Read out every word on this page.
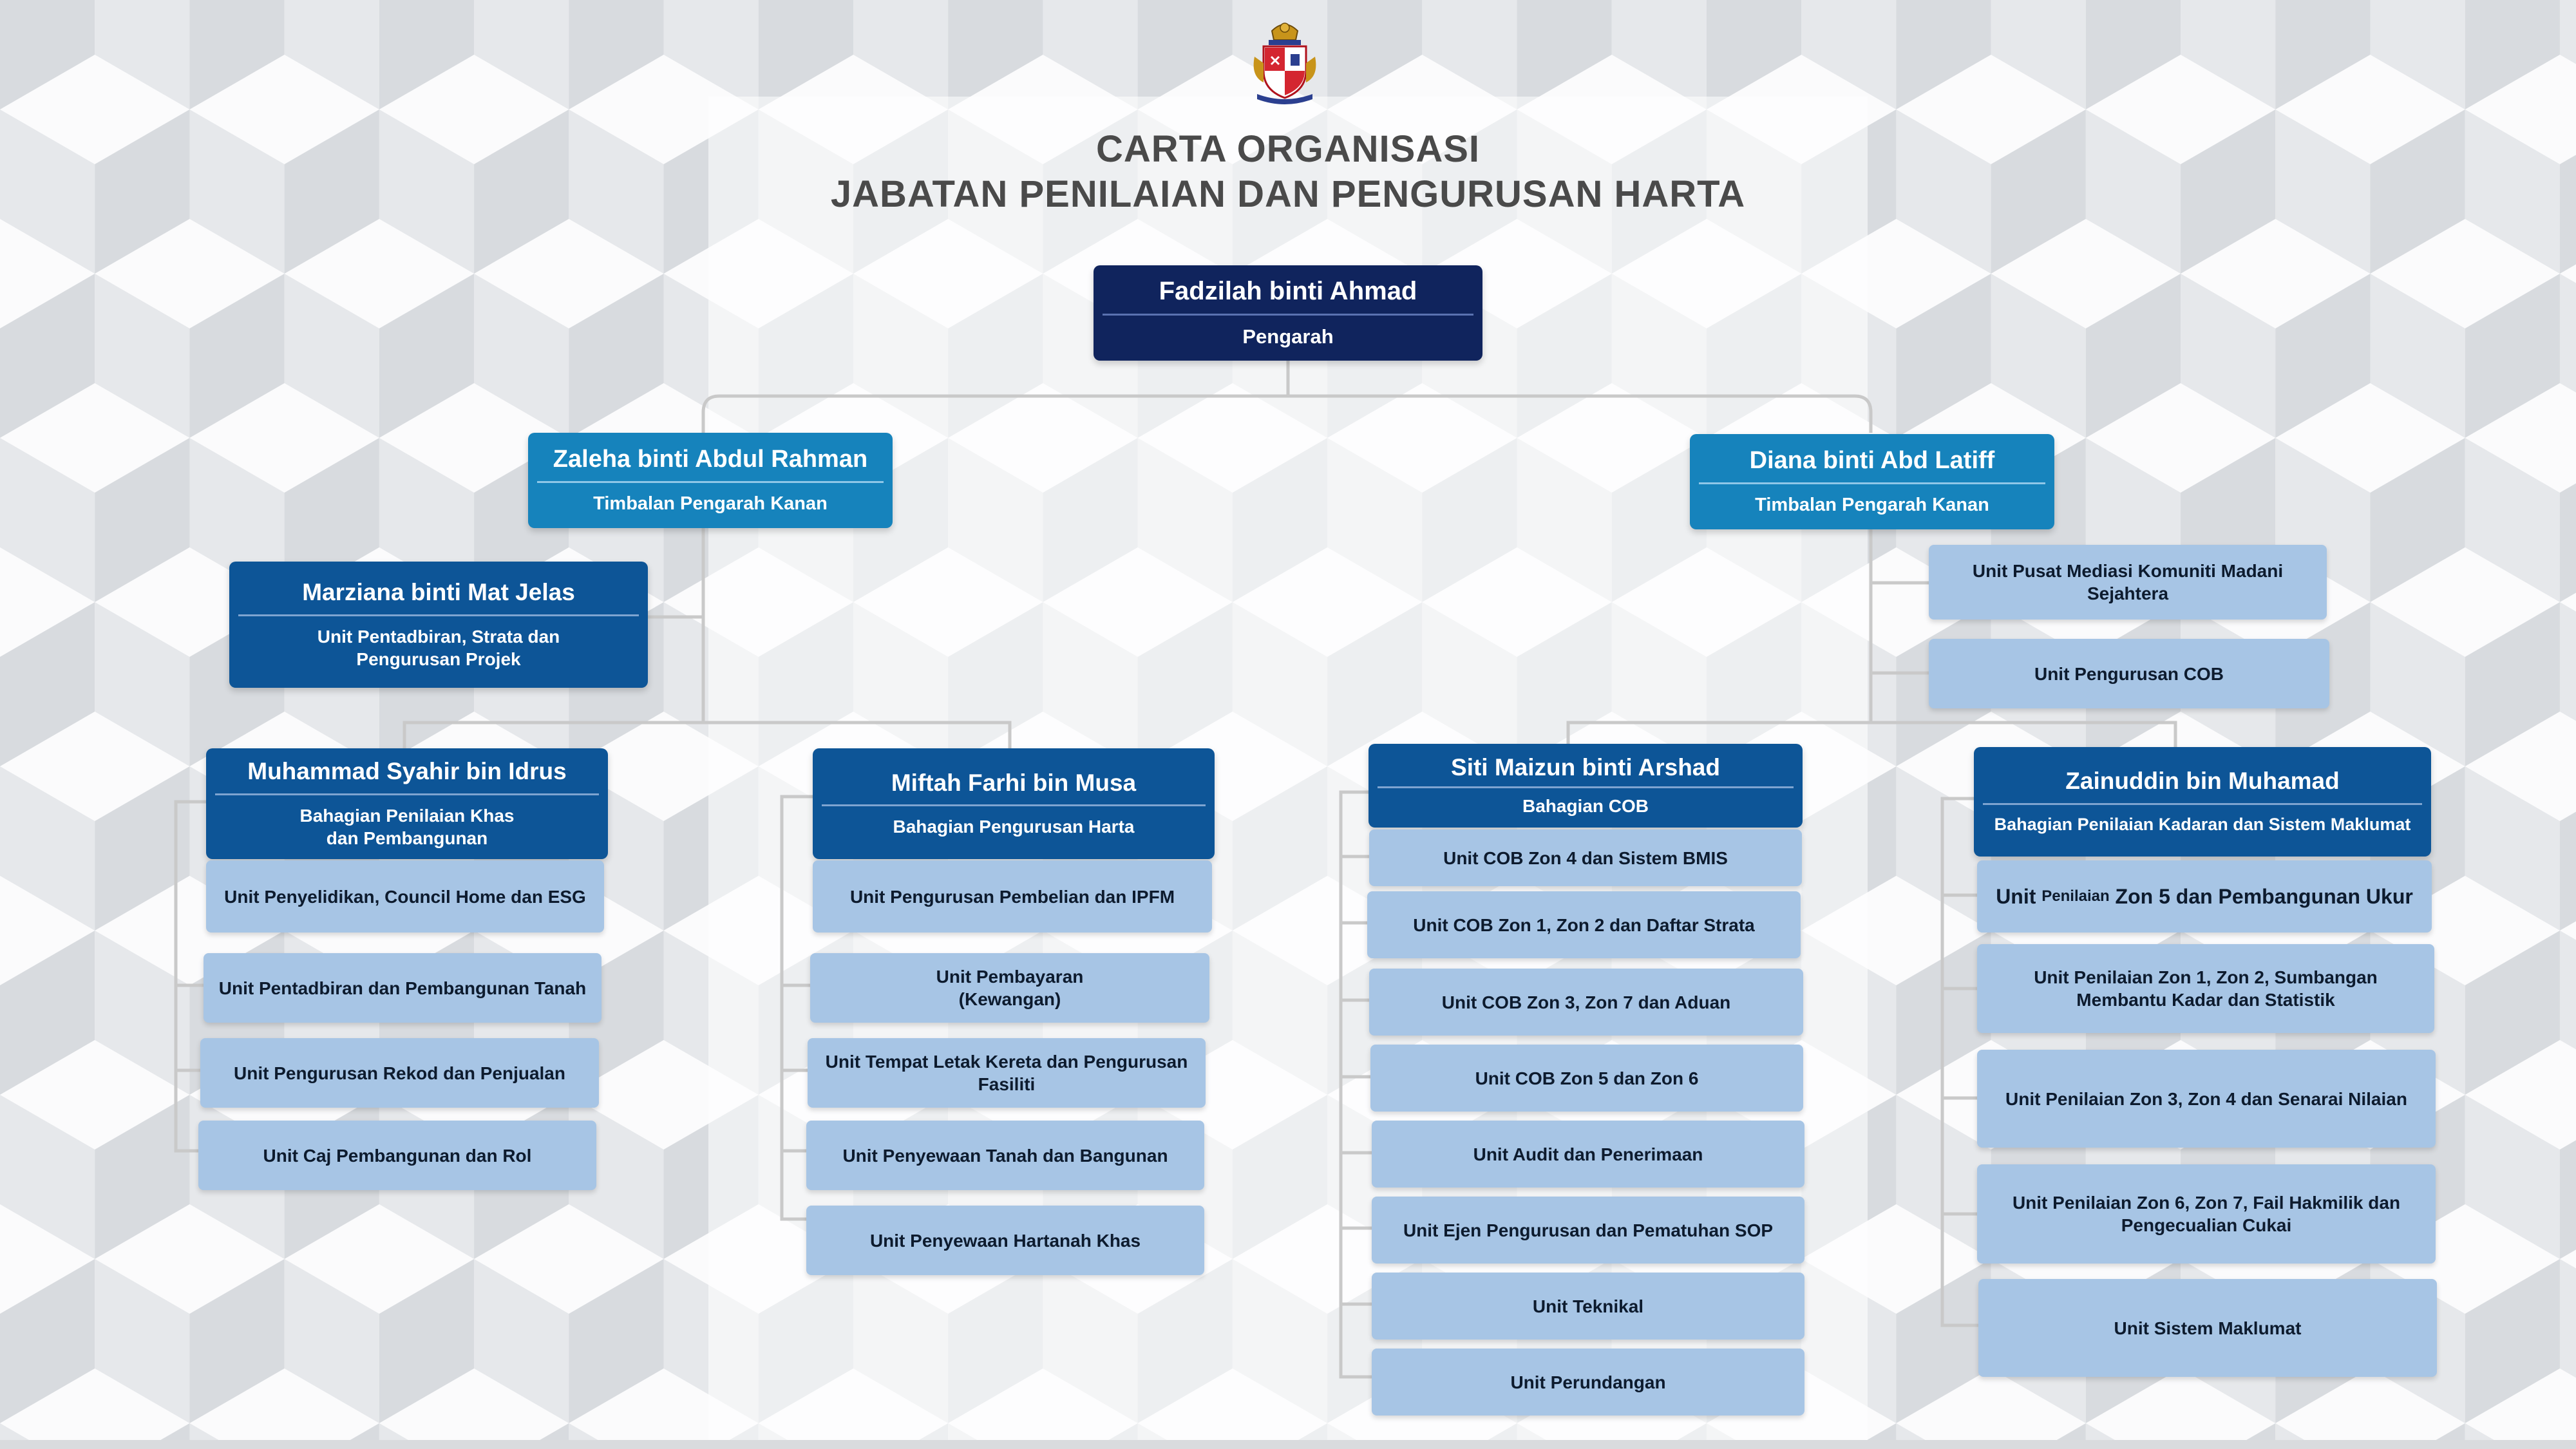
CARTA ORGANISASI
JABATAN PENILAIAN DAN PENGURUSAN HARTA
Fadzilah binti Ahmad
Pengarah
Zaleha binti Abdul Rahman
Timbalan Pengarah Kanan
Diana binti Abd Latiff
Timbalan Pengarah Kanan
Marziana binti Mat Jelas
Unit Pentadbiran, Strata dan
Pengurusan Projek
Unit Pusat Mediasi Komuniti Madani
Sejahtera
Unit Pengurusan COB
Muhammad Syahir bin Idrus
Bahagian Penilaian Khas
dan Pembangunan
Unit Penyelidikan, Council Home dan ESG
Unit Pentadbiran dan Pembangunan Tanah
Unit Pengurusan Rekod dan Penjualan
Unit Caj Pembangunan dan Rol
Miftah Farhi bin Musa
Bahagian Pengurusan Harta
Unit Pengurusan Pembelian dan IPFM
Unit Pembayaran
(Kewangan)
Unit Tempat Letak Kereta dan Pengurusan
Fasiliti
Unit Penyewaan Tanah dan Bangunan
Unit Penyewaan Hartanah Khas
Siti Maizun binti Arshad
Bahagian COB
Unit COB Zon 4 dan Sistem BMIS
Unit COB Zon 1, Zon 2 dan Daftar Strata
Unit COB Zon 3, Zon 7 dan Aduan
Unit COB Zon 5 dan Zon 6
Unit Audit dan Penerimaan
Unit Ejen Pengurusan dan Pematuhan SOP
Unit Teknikal
Unit Perundangan
Zainuddin bin Muhamad
Bahagian Penilaian Kadaran dan Sistem Maklumat
Unit
Penilaian
Zon 5 dan Pembangunan Ukur
Unit Penilaian Zon 1, Zon 2, Sumbangan
Membantu Kadar dan Statistik
Unit Penilaian Zon 3, Zon 4 dan Senarai Nilaian
Unit Penilaian Zon 6, Zon 7, Fail Hakmilik dan
Pengecualian Cukai
Unit Sistem Maklumat
